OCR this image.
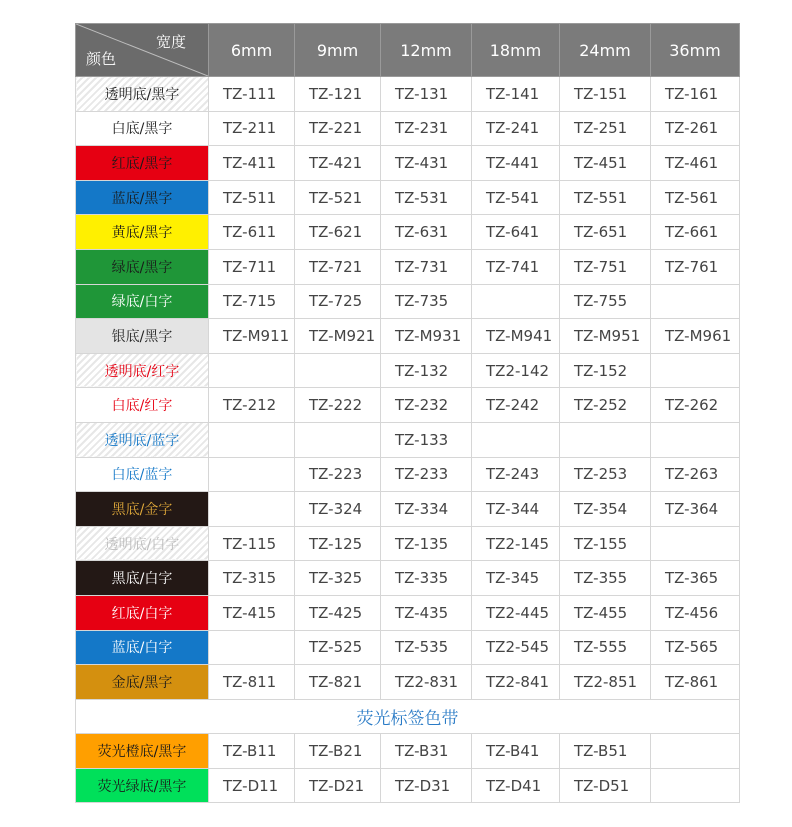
宽度
颜色	6mm	9mm	12mm	18mm	24mm	36mm
透明底/黑字	TZ-111	TZ-121	TZ-131	TZ-141	TZ-151	TZ-161
白底/黑字	TZ-211	TZ-221	TZ-231	TZ-241	TZ-251	TZ-261
红底/黑字	TZ-411	TZ-421	TZ-431	TZ-441	TZ-451	TZ-461
蓝底/黑字	TZ-511	TZ-521	TZ-531	TZ-541	TZ-551	TZ-561
黄底/黑字	TZ-611	TZ-621	TZ-631	TZ-641	TZ-651	TZ-661
绿底/黑字	TZ-711	TZ-721	TZ-731	TZ-741	TZ-751	TZ-761
绿底/白字	TZ-715	TZ-725	TZ-735		TZ-755	
银底/黑字	TZ-M911	TZ-M921	TZ-M931	TZ-M941	TZ-M951	TZ-M961
透明底/红字			TZ-132	TZ2-142	TZ-152	
白底/红字	TZ-212	TZ-222	TZ-232	TZ-242	TZ-252	TZ-262
透明底/蓝字			TZ-133			
白底/蓝字		TZ-223	TZ-233	TZ-243	TZ-253	TZ-263
黑底/金字		TZ-324	TZ-334	TZ-344	TZ-354	TZ-364
透明底/白字	TZ-115	TZ-125	TZ-135	TZ2-145	TZ-155	
黑底/白字	TZ-315	TZ-325	TZ-335	TZ-345	TZ-355	TZ-365
红底/白字	TZ-415	TZ-425	TZ-435	TZ2-445	TZ-455	TZ-456
蓝底/白字		TZ-525	TZ-535	TZ2-545	TZ-555	TZ-565
金底/黑字	TZ-811	TZ-821	TZ2-831	TZ2-841	TZ2-851	TZ-861
荧光标签色带						
荧光橙底/黑字	TZ-B11	TZ-B21	TZ-B31	TZ-B41	TZ-B51	
荧光绿底/黑字	TZ-D11	TZ-D21	TZ-D31	TZ-D41	TZ-D51	
